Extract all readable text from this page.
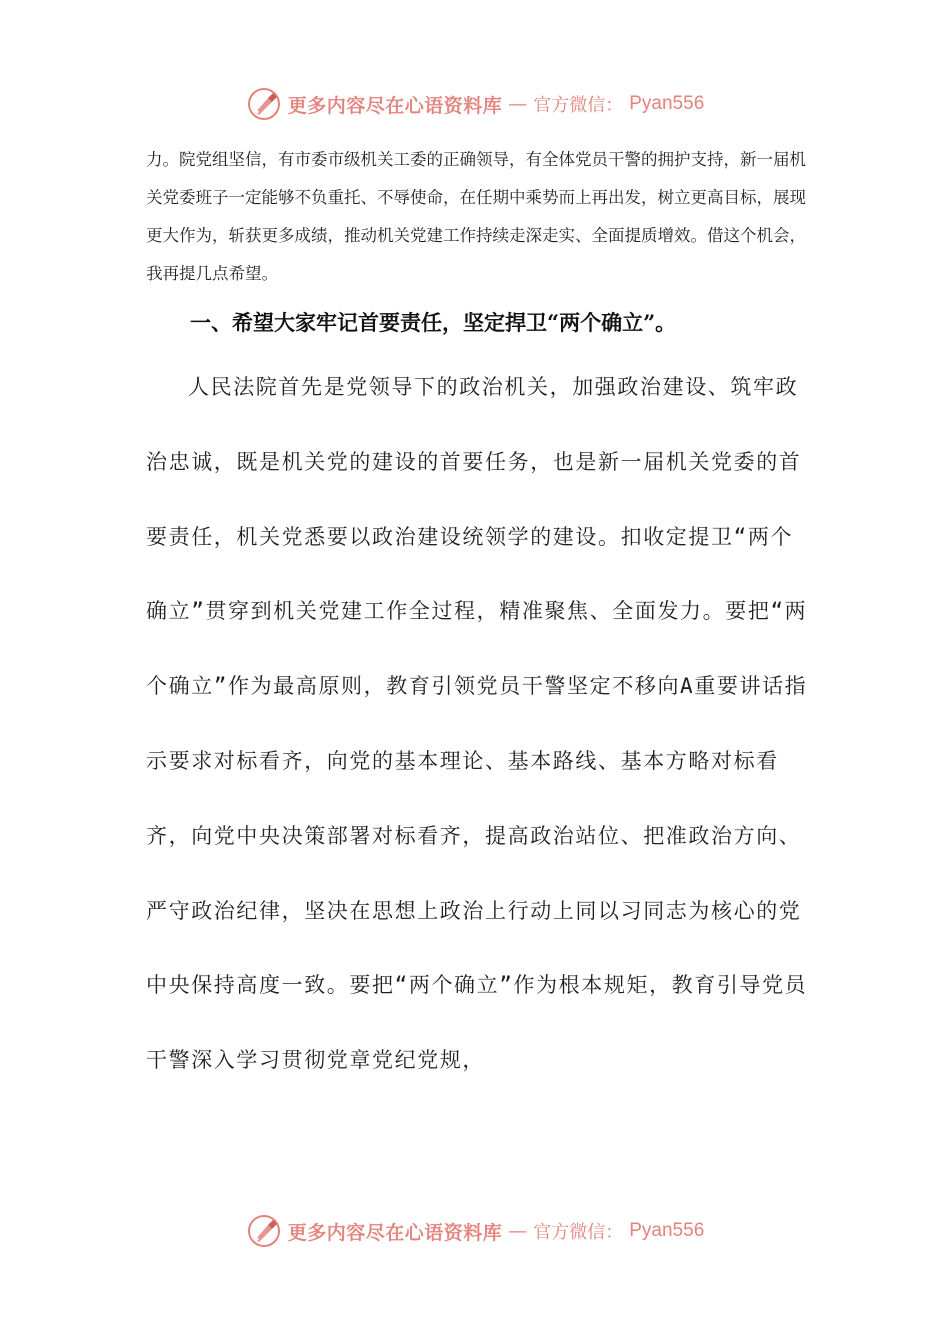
更多内容尽在心语资料库 — 官方微信： Pyan556

力。院党组坚信，有市委市级机关工委的正确领导，有全体党员干警的拥护支持，新一届机关党委班子一定能够不负重托、不辱使命，在任期中乘势而上再出发，树立更高目标，展现更大作为，斩获更多成绩，推动机关党建工作持续走深走实、全面提质增效。借这个机会，我再提几点希望。

一、希望大家牢记首要责任，坚定捍卫“两个确立”。

人民法院首先是党领导下的政治机关，加强政治建设、筑牢政治忠诚，既是机关党的建设的首要任务，也是新一届机关党委的首要责任，机关党悉要以政治建设统领学的建设。扣收定提卫“两个确立”贯穿到机关党建工作全过程，精准聚焦、全面发力。要把“两个确立”作为最高原则，教育引领党员干警坚定不移向A重要讲话指示要求对标看齐，向党的基本理论、基本路线、基本方略对标看齐，向党中央决策部署对标看齐，提高政治站位、把准政治方向、严守政治纪律，坚决在思想上政治上行动上同以习同志为核心的党中央保持高度一致。要把“两个确立”作为根本规矩，教育引导党员干警深入学习贯彻党章党纪党规，

更多内容尽在心语资料库 — 官方微信： Pyan556
